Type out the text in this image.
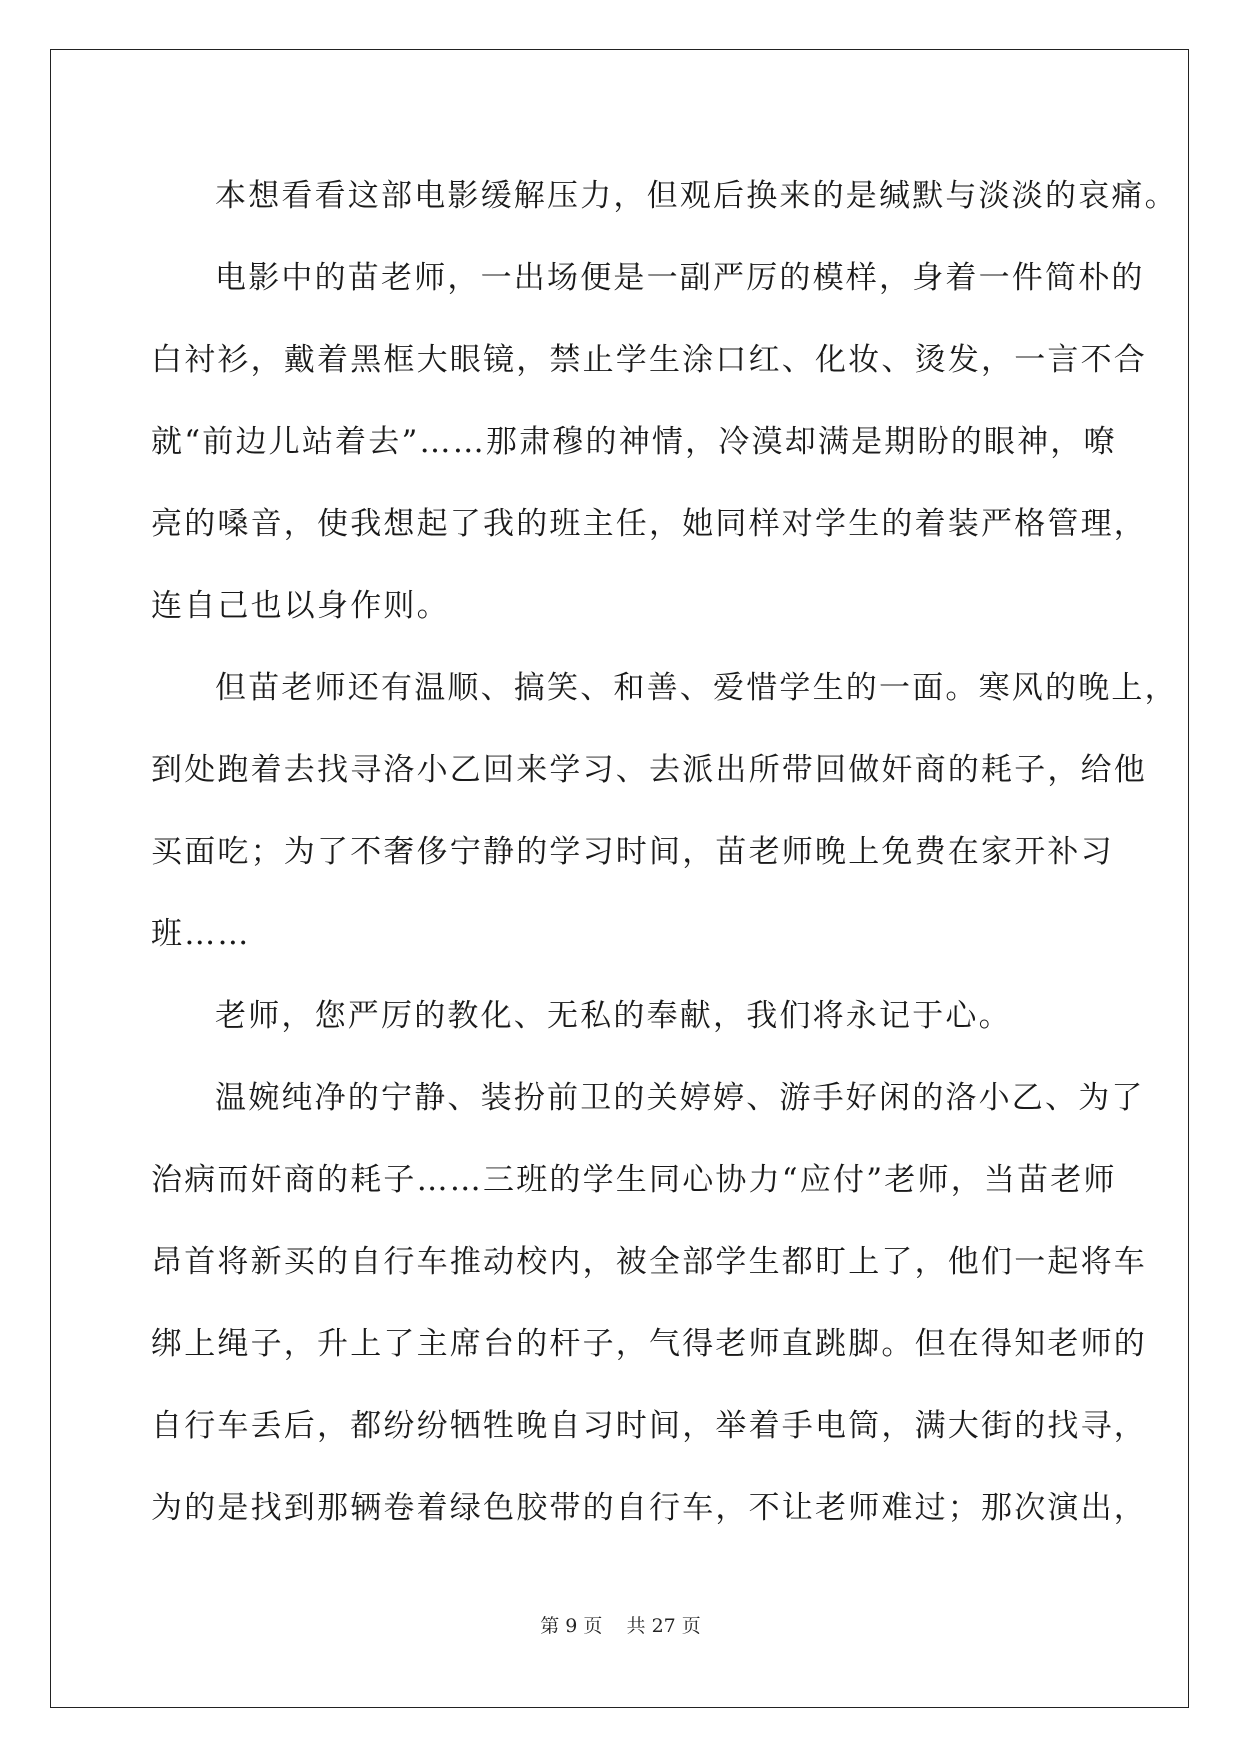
本想看看这部电影缓解压力，但观后换来的是缄默与淡淡的哀痛。
电影中的苗老师，一出场便是一副严厉的模样，身着一件简朴的
白衬衫，戴着黑框大眼镜，禁止学生涂口红、化妆、烫发，一言不合
就“前边儿站着去”……那肃穆的神情，冷漠却满是期盼的眼神，嘹
亮的嗓音，使我想起了我的班主任，她同样对学生的着装严格管理，
连自己也以身作则。
但苗老师还有温顺、搞笑、和善、爱惜学生的一面。寒风的晚上，
到处跑着去找寻洛小乙回来学习、去派出所带回做奸商的耗子，给他
买面吃；为了不奢侈宁静的学习时间，苗老师晚上免费在家开补习
班……
老师，您严厉的教化、无私的奉献，我们将永记于心。
温婉纯净的宁静、装扮前卫的关婷婷、游手好闲的洛小乙、为了
治病而奸商的耗子……三班的学生同心协力“应付”老师，当苗老师
昂首将新买的自行车推动校内，被全部学生都盯上了，他们一起将车
绑上绳子，升上了主席台的杆子，气得老师直跳脚。但在得知老师的
自行车丢后，都纷纷牺牲晚自习时间，举着手电筒，满大街的找寻，
为的是找到那辆卷着绿色胶带的自行车，不让老师难过；那次演出，
第 9 页    共 27 页
